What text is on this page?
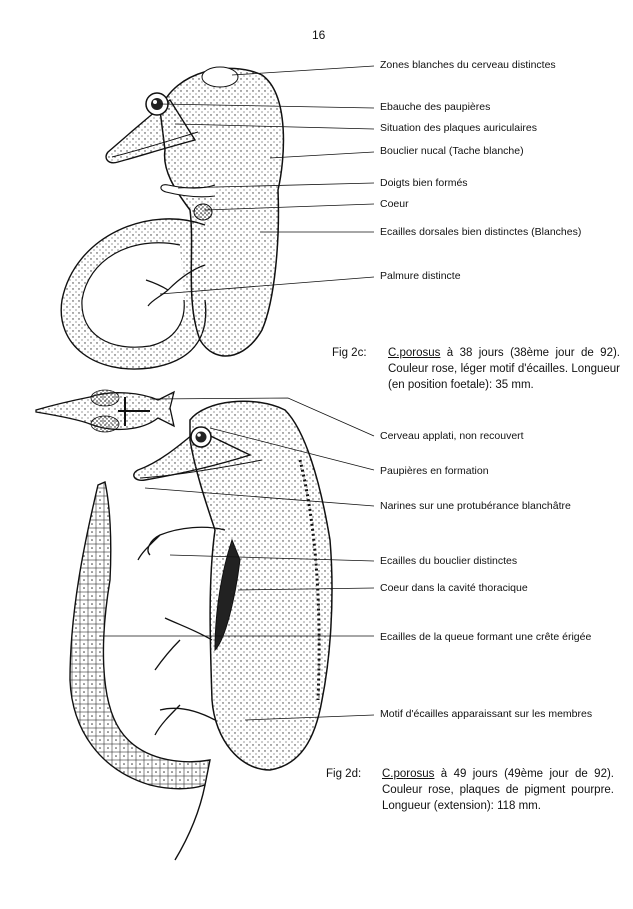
16
Zones blanches du cerveau distinctes
Ebauche des paupières
Situation des plaques auriculaires
Bouclier nucal (Tache blanche)
Doigts bien formés
Coeur
Ecailles dorsales bien distinctes (Blanches)
Palmure distincte
Fig 2c: C.porosus à 38 jours (38ème jour de 92). Couleur rose, léger motif d'écailles. Longueur (en position foetale): 35 mm.
Cerveau applati, non recouvert
Paupières en formation
Narines sur une protubérance blanchâtre
Ecailles du bouclier distinctes
Coeur dans la cavité thoracique
Ecailles de la queue formant une crête érigée
Motif d'écailles apparaissant sur les membres
Fig 2d: C.porosus à 49 jours (49ème jour de 92). Couleur rose, plaques de pigment pourpre. Longueur (extension): 118 mm.
